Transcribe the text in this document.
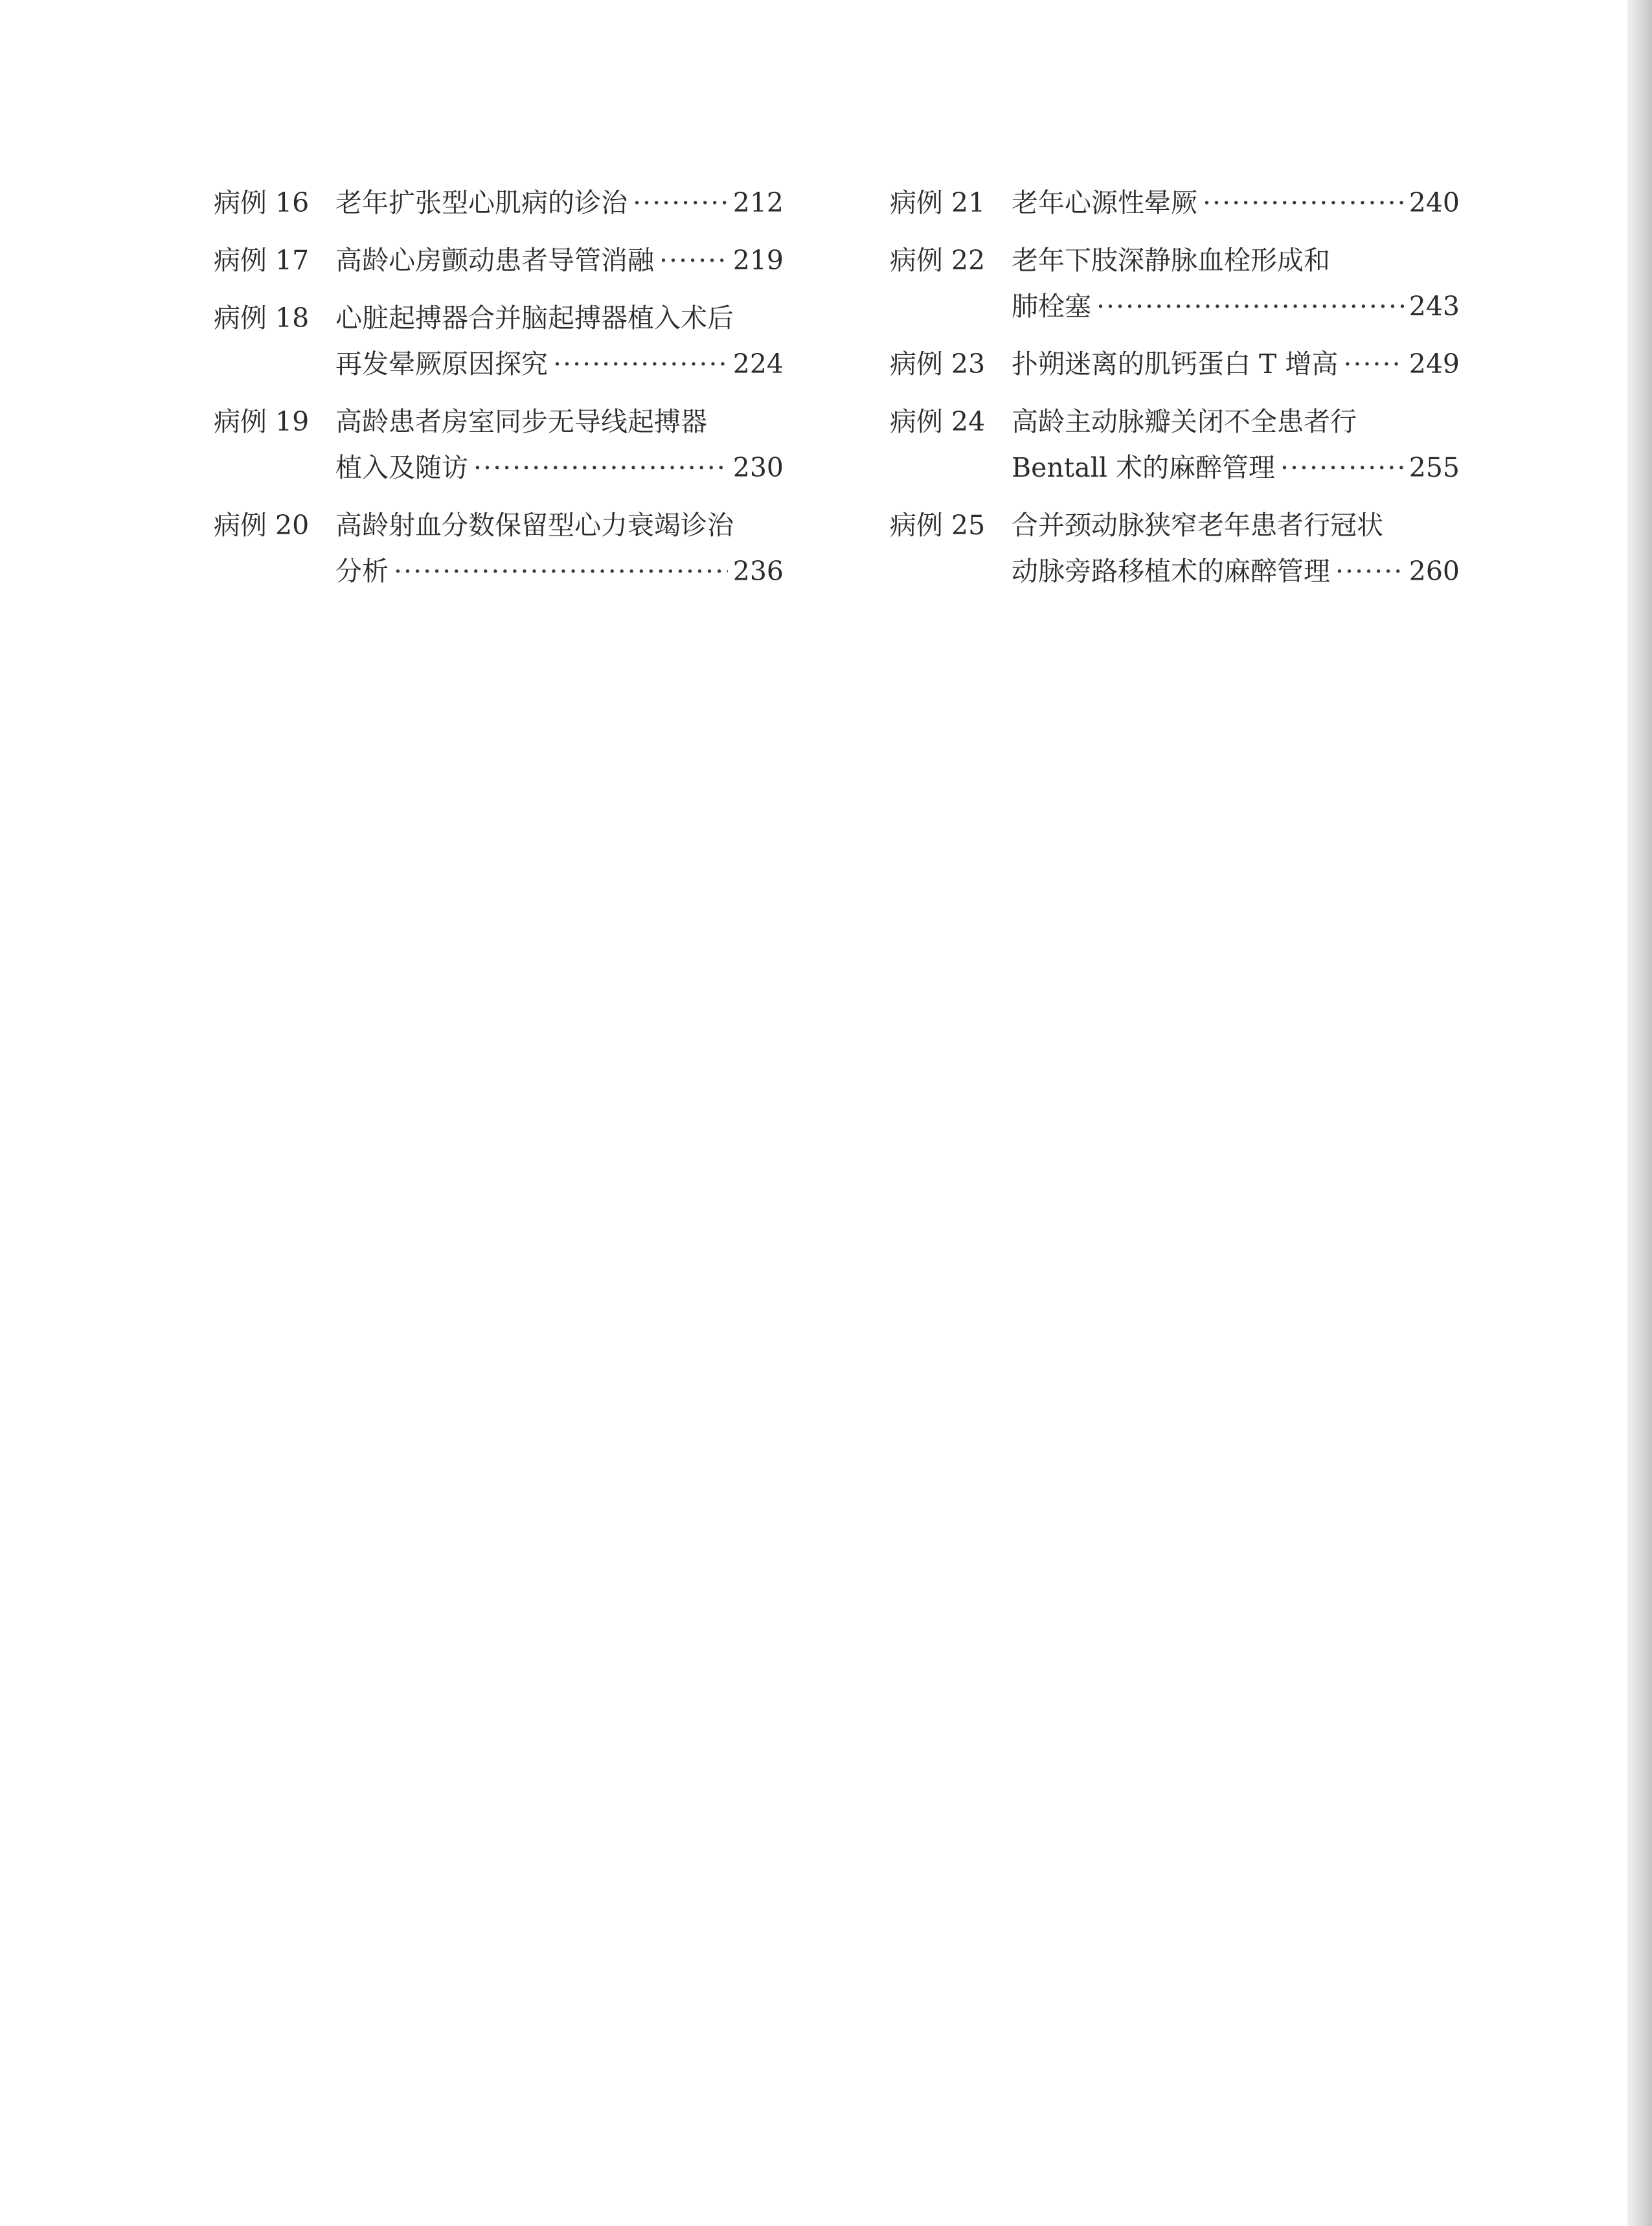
病例 16 老年扩张型心肌病的诊治 ·····	212
病例 17 高龄心房颤动患者导管消融 ·····	219
病例 18 心脏起搏器合并脑起搏器植入术后
再发晕厥原因探究 ·····	224
病例 19 高龄患者房室同步无导线起搏器
植入及随访 ·····	230
病例 20 高龄射血分数保留型心力衰竭诊治
分析 ·····	236
病例 21 老年心源性晕厥 ·····	240
病例 22 老年下肢深静脉血栓形成和
肺栓塞 ·····	243
病例 23 扑朔迷离的肌钙蛋白 T 增高 ·····	249
病例 24 高龄主动脉瓣关闭不全患者行
Bentall 术的麻醉管理 ·····	255
病例 25 合并颈动脉狭窄老年患者行冠状
动脉旁路移植术的麻醉管理 ·····	260
